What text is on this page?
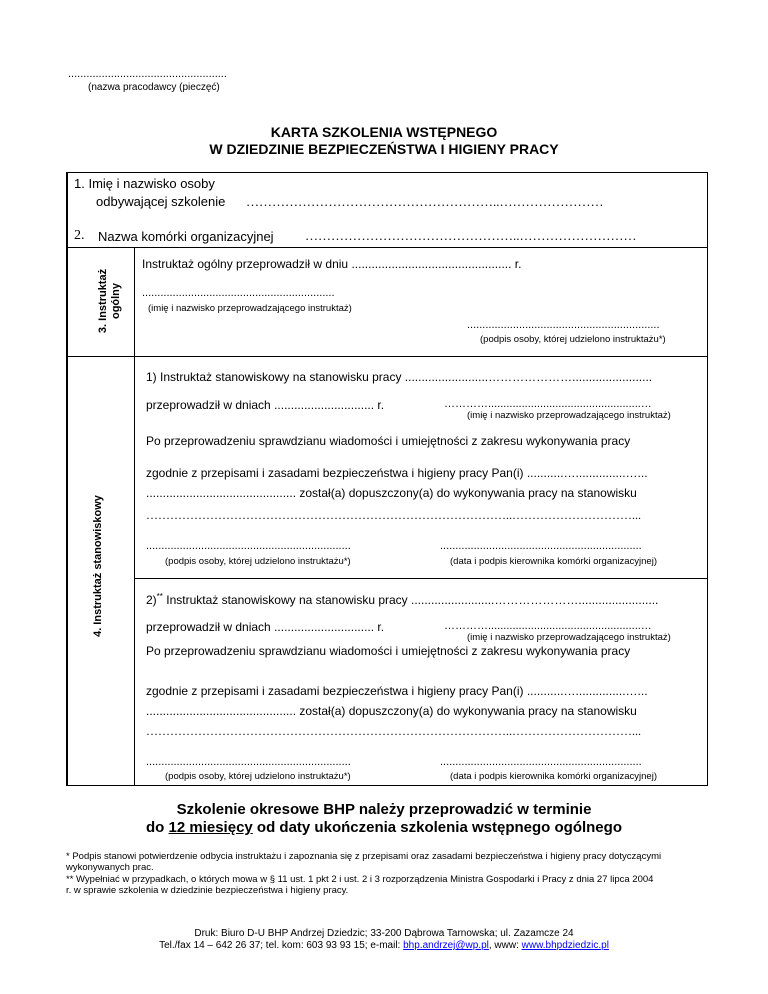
....................................................
(nazwa pracodawcy (pieczęć)
KARTA SZKOLENIA WSTĘPNEGO
W DZIEDZINIE BEZPIECZEŃSTWA I HIGIENY PRACY
1. Imię i nazwisko osoby
odbywającej szkolenie …………………………………………………..……………………
2. Nazwa komórki organizacyjnej …………………………………………..………………………
3. Instruktaż ogólny
Instruktaż ogólny przeprowadził w dniu ................................................ r.
...............................................................
(imię i nazwisko przeprowadzającego instruktaż)
...............................................................
(podpis osoby, której udzielono instruktażu*)
4. Instruktaż stanowiskowy
1) Instruktaż stanowiskowy na stanowisku pracy .........................…………………........................
przeprowadził w dniach .............................. r.	…………..................................................…
(imię i nazwisko przeprowadzającego instruktaż)
Po przeprowadzeniu sprawdzianu wiadomości i umiejętności z zakresu wykonywania pracy
zgodnie z przepisami i zasadami bezpieczeństwa i higieny pracy Pan(i) ...........…...............…...
............................................. został(a) dopuszczony(a) do wykonywania pracy na stanowisku
………………………………………………………………………………..…………………………...
...................................................................
(podpis osoby, której udzielono instruktażu*)
..................................................................
(data i podpis kierownika komórki organizacyjnej)
2)** Instruktaż stanowiskowy na stanowisku pracy .........................…………………........................
przeprowadził w dniach .............................. r.	…………..................................................…
(imię i nazwisko przeprowadzającego instruktaż)
Po przeprowadzeniu sprawdzianu wiadomości i umiejętności z zakresu wykonywania pracy
zgodnie z przepisami i zasadami bezpieczeństwa i higieny pracy Pan(i) ...........…...............…...
............................................. został(a) dopuszczony(a) do wykonywania pracy na stanowisku
………………………………………………………………………………..…………………………...
...................................................................
(podpis osoby, której udzielono instruktażu*)
..................................................................
(data i podpis kierownika komórki organizacyjnej)
Szkolenie okresowe BHP należy przeprowadzić w terminie
do 12 miesięcy od daty ukończenia szkolenia wstępnego ogólnego
* Podpis stanowi potwierdzenie odbycia instruktażu i zapoznania się z przepisami oraz zasadami bezpieczeństwa i higieny pracy dotyczącymi
wykonywanych prac.
** Wypełniać w przypadkach, o których mowa w § 11 ust. 1 pkt 2 i ust. 2 i 3 rozporządzenia Ministra Gospodarki i Pracy z dnia 27 lipca 2004
r. w sprawie szkolenia w dziedzinie bezpieczeństwa i higieny pracy.
Druk: Biuro D-U BHP Andrzej Dziedzic; 33-200 Dąbrowa Tarnowska; ul. Zazamcze 24
Tel./fax 14 – 642 26 37; tel. kom: 603 93 93 15; e-mail: bhp.andrzej@wp.pl, www: www.bhpdziedzic.pl
